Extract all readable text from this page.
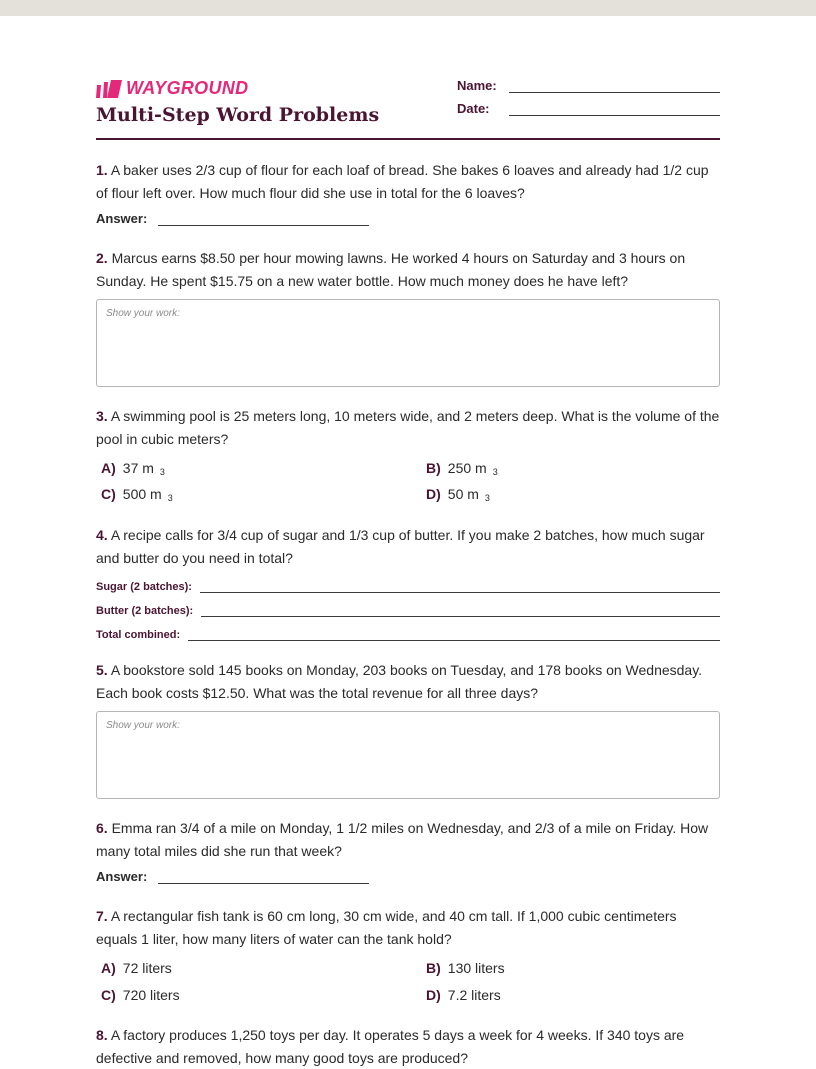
WAYGROUND
Multi-Step Word Problems
Name:
Date:
1. A baker uses 2/3 cup of flour for each loaf of bread. She bakes 6 loaves and already had 1/2 cup of flour left over. How much flour did she use in total for the 6 loaves?
Answer:
2. Marcus earns $8.50 per hour mowing lawns. He worked 4 hours on Saturday and 3 hours on Sunday. He spent $15.75 on a new water bottle. How much money does he have left?
Show your work:
3. A swimming pool is 25 meters long, 10 meters wide, and 2 meters deep. What is the volume of the pool in cubic meters?
A) 37 m 3	B) 250 m 3
C) 500 m 3	D) 50 m 3
4. A recipe calls for 3/4 cup of sugar and 1/3 cup of butter. If you make 2 batches, how much sugar and butter do you need in total?
Sugar (2 batches):
Butter (2 batches):
Total combined:
5. A bookstore sold 145 books on Monday, 203 books on Tuesday, and 178 books on Wednesday. Each book costs $12.50. What was the total revenue for all three days?
Show your work:
6. Emma ran 3/4 of a mile on Monday, 1 1/2 miles on Wednesday, and 2/3 of a mile on Friday. How many total miles did she run that week?
Answer:
7. A rectangular fish tank is 60 cm long, 30 cm wide, and 40 cm tall. If 1,000 cubic centimeters equals 1 liter, how many liters of water can the tank hold?
A) 72 liters	B) 130 liters
C) 720 liters	D) 7.2 liters
8. A factory produces 1,250 toys per day. It operates 5 days a week for 4 weeks. If 340 toys are defective and removed, how many good toys are produced?
